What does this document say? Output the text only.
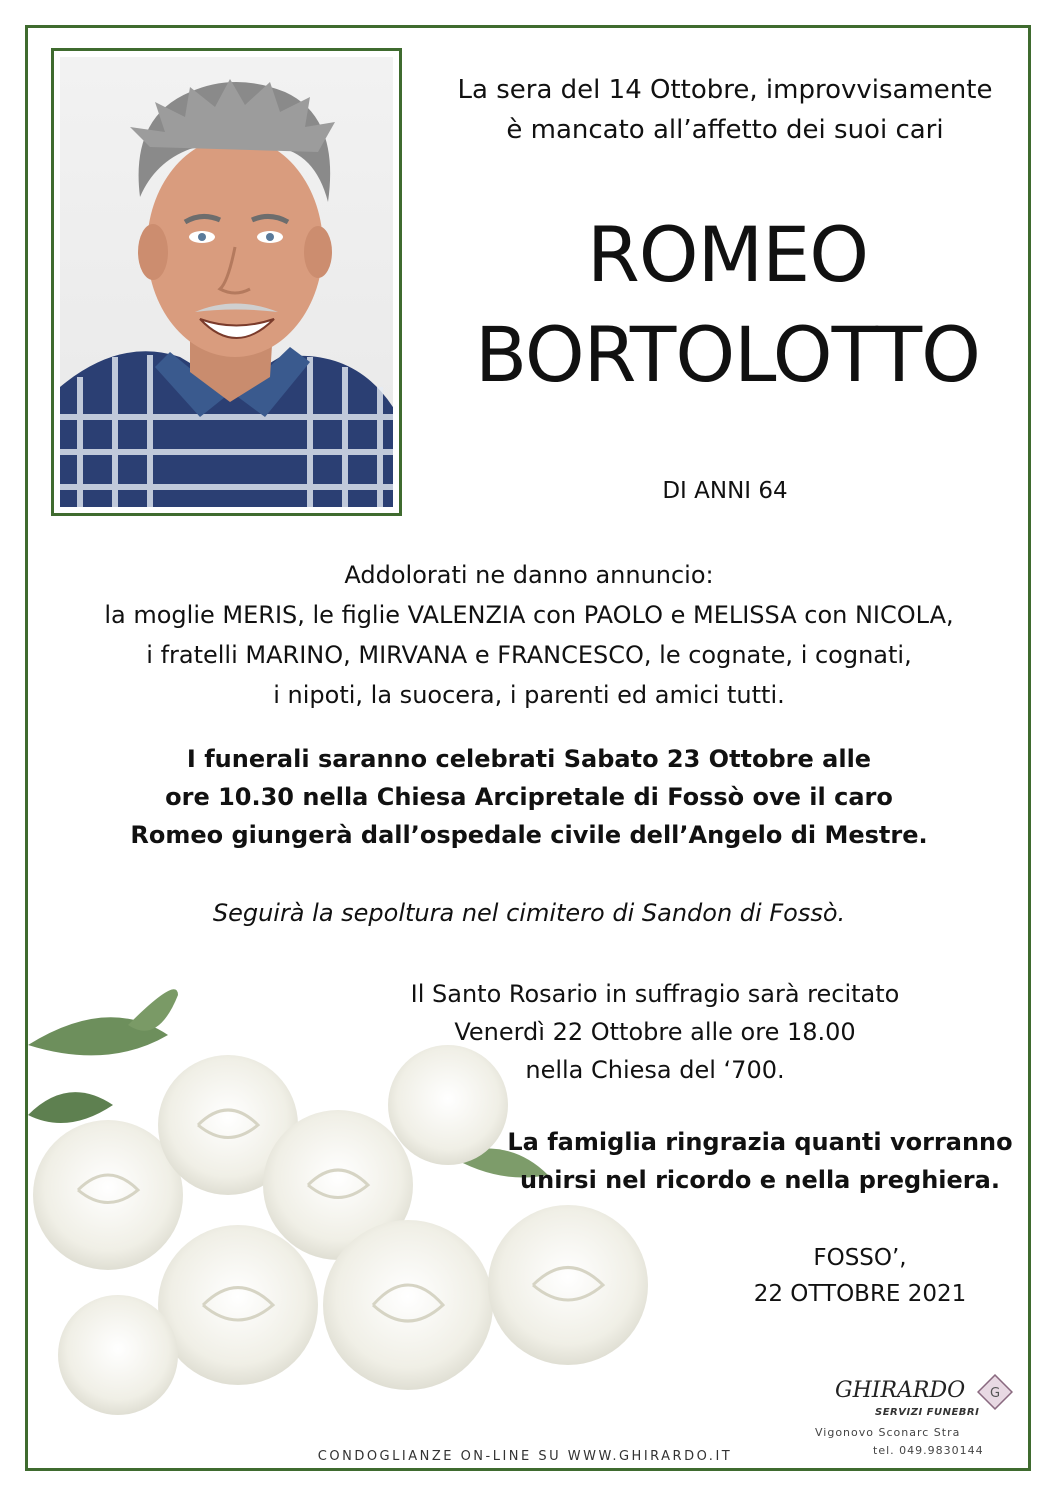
La sera del 14 Ottobre, improvvisamente
è mancato all’affetto dei suoi cari
ROMEO
BORTOLOTTO
DI ANNI 64
Addolorati ne danno annuncio:
la moglie MERIS, le figlie VALENZIA con PAOLO e MELISSA con NICOLA,
i fratelli MARINO, MIRVANA e FRANCESCO, le cognate, i cognati,
i nipoti, la suocera, i parenti ed amici tutti.
I funerali saranno celebrati Sabato 23 Ottobre alle
ore 10.30 nella Chiesa Arcipretale di Fossò ove il caro
Romeo giungerà dall’ospedale civile dell’Angelo di Mestre.
Seguirà la sepoltura nel cimitero di Sandon di Fossò.
Il Santo Rosario in suffragio sarà recitato
Venerdì 22 Ottobre alle ore 18.00
nella Chiesa del ‘700.
La famiglia ringrazia quanti vorranno
unirsi nel ricordo e nella preghiera.
FOSSO’,
22 OTTOBRE 2021
GHIRARDO G
SERVIZI FUNEBRI
Vigonovo Sconarc Stra
tel. 049.9830144
CONDOGLIANZE ON-LINE SU WWW.GHIRARDO.IT
